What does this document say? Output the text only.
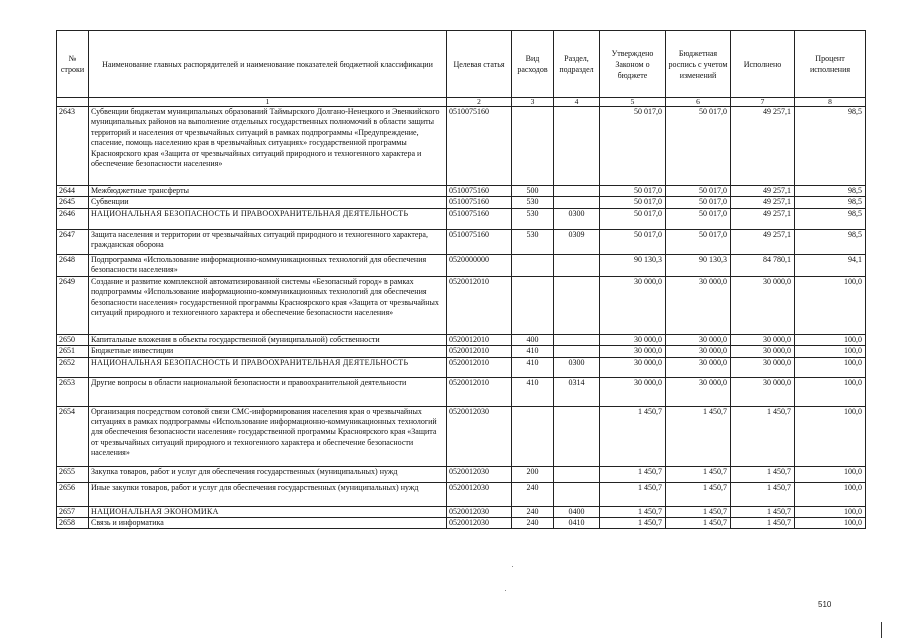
№ строки	Наименование главных распорядителей и наименование показателей бюджетной классификации	Целевая статья	Вид расходов	Раздел, подраздел	Утверждено Законом о бюджете	Бюджетная роспись с учетом изменений	Исполнено	Процент исполнения
	1	2	3	4	5	6	7	8
2643	Субвенции бюджетам муниципальных образований Таймырского Долгано-Ненецкого и Эвенкийского муниципальных районов на выполнение отдельных государственных полномочий в области защиты территорий и населения от чрезвычайных ситуаций в рамках подпрограммы «Предупреждение, спасение, помощь населению края в чрезвычайных ситуациях» государственной программы Красноярского края «Защита от чрезвычайных ситуаций природного и техногенного характера и обеспечение безопасности населения»	0510075160			50 017,0	50 017,0	49 257,1	98,5
2644	Межбюджетные трансферты	0510075160	500		50 017,0	50 017,0	49 257,1	98,5
2645	Субвенции	0510075160	530		50 017,0	50 017,0	49 257,1	98,5
2646	НАЦИОНАЛЬНАЯ БЕЗОПАСНОСТЬ И ПРАВООХРАНИТЕЛЬНАЯ ДЕЯТЕЛЬНОСТЬ	0510075160	530	0300	50 017,0	50 017,0	49 257,1	98,5
2647	Защита населения и территории от чрезвычайных ситуаций природного и техногенного характера, гражданская оборона	0510075160	530	0309	50 017,0	50 017,0	49 257,1	98,5
2648	Подпрограмма «Использование информационно-коммуникационных технологий для обеспечения безопасности населения»	0520000000			90 130,3	90 130,3	84 780,1	94,1
2649	Создание и развитие комплексной автоматизированной системы «Безопасный город» в рамках подпрограммы «Использование информационно-коммуникационных технологий для обеспечения безопасности населения» государственной программы Красноярского края «Защита от чрезвычайных ситуаций природного и техногенного характера и обеспечение безопасности населения»	0520012010			30 000,0	30 000,0	30 000,0	100,0
2650	Капитальные вложения в объекты государственной (муниципальной) собственности	0520012010	400		30 000,0	30 000,0	30 000,0	100,0
2651	Бюджетные инвестиции	0520012010	410		30 000,0	30 000,0	30 000,0	100,0
2652	НАЦИОНАЛЬНАЯ БЕЗОПАСНОСТЬ И ПРАВООХРАНИТЕЛЬНАЯ ДЕЯТЕЛЬНОСТЬ	0520012010	410	0300	30 000,0	30 000,0	30 000,0	100,0
2653	Другие вопросы в области национальной безопасности и правоохранительной деятельности	0520012010	410	0314	30 000,0	30 000,0	30 000,0	100,0
2654	Организация посредством сотовой связи СМС-информирования населения края о чрезвычайных ситуациях в рамках подпрограммы «Использование информационно-коммуникационных технологий для обеспечения безопасности населения» государственной программы Красноярского края «Защита от чрезвычайных ситуаций природного и техногенного характера и обеспечение безопасности населения»	0520012030			1 450,7	1 450,7	1 450,7	100,0
2655	Закупка товаров, работ и услуг для обеспечения государственных (муниципальных) нужд	0520012030	200		1 450,7	1 450,7	1 450,7	100,0
2656	Иные закупки товаров, работ и услуг для обеспечения государственных (муниципальных) нужд	0520012030	240		1 450,7	1 450,7	1 450,7	100,0
2657	НАЦИОНАЛЬНАЯ ЭКОНОМИКА	0520012030	240	0400	1 450,7	1 450,7	1 450,7	100,0
2658	Связь и информатика	0520012030	240	0410	1 450,7	1 450,7	1 450,7	100,0
510
